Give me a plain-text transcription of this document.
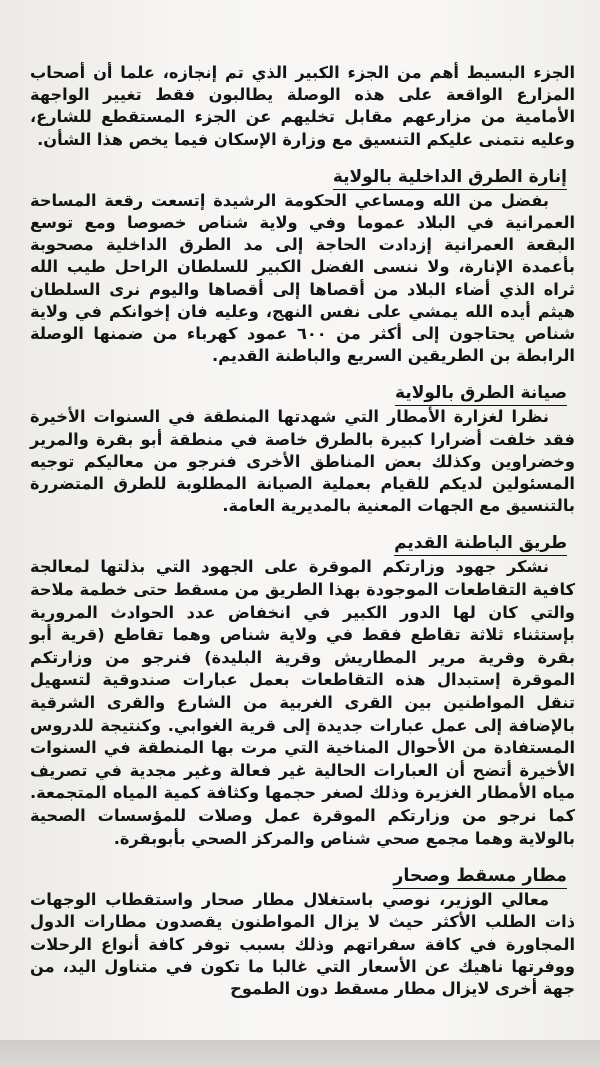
الجزء البسيط أهم من الجزء الكبير الذي تم إنجازه، علما أن أصحاب المزارع الواقعة على هذه الوصلة يطالبون فقط تغيير الواجهة الأمامية من مزارعهم مقابل تخليهم عن الجزء المستقطع للشارع، وعليه نتمنى عليكم التنسيق مع وزارة الإسكان فيما يخص هذا الشأن.

إنارة الطرق الداخلية بالولاية

بفضل من الله ومساعي الحكومة الرشيدة إتسعت رقعة المساحة العمرانية في البلاد عموما وفي ولاية شناص خصوصا ومع توسع البقعة العمرانية إزدادت الحاجة إلى مد الطرق الداخلية مصحوبة بأعمدة الإنارة، ولا ننسى الفضل الكبير للسلطان الراحل طيب الله ثراه الذي أضاء البلاد من أقصاها إلى أقصاها واليوم نرى السلطان هيثم أيده الله يمشي على نفس النهج، وعليه فان إخوانكم في ولاية شناص يحتاجون إلى أكثر من ٦٠٠ عمود كهرباء من ضمنها الوصلة الرابطة بن الطريقين السريع والباطنة القديم.

صيانة الطرق بالولاية

نظرا لغزارة الأمطار التي شهدتها المنطقة في السنوات الأخيرة فقد خلفت أضرارا كبيرة بالطرق خاصة في منطقة أبو بقرة والمرير وخضراوين وكذلك بعض المناطق الأخرى فنرجو من معاليكم توجيه المسئولين لديكم للقيام بعملية الصيانة المطلوبة للطرق المتضررة بالتنسيق مع الجهات المعنية بالمديرية العامة.

طريق الباطنة القديم

نشكر جهود وزارتكم الموقرة على الجهود التي بذلتها لمعالجة كافية التقاطعات الموجودة بهذا الطريق من مسقط حتى خطمة ملاحة والتي كان لها الدور الكبير في انخفاض عدد الحوادث المرورية بإستثناء ثلاثة تقاطع فقط في ولاية شناص وهما تقاطع (قرية أبو بقرة وقرية مرير المطاريش وقرية البليدة) فنرجو من وزارتكم الموقرة إستبدال هذه التقاطعات بعمل عبارات صندوقية لتسهيل تنقل المواطنين بين القرى الغربية من الشارع والقرى الشرقية بالإضافة إلى عمل عبارات جديدة إلى قرية الغوابي. وكنتيجة للدروس المستفادة من الأحوال المناخية التي مرت بها المنطقة في السنوات الأخيرة أتضح أن العبارات الحالية غير فعالة وغير مجدية في تصريف مياه الأمطار الغزيرة وذلك لصغر حجمها وكثافة كمية المياه المتجمعة. كما نرجو من وزارتكم الموقرة عمل وصلات للمؤسسات الصحية بالولاية وهما مجمع صحي شناص والمركز الصحي بأبوبقرة.

مطار مسقط وصحار

معالي الوزير، نوصي باستغلال مطار صحار واستقطاب الوجهات ذات الطلب الأكثر حيث لا يزال المواطنون يقصدون مطارات الدول المجاورة في كافة سفراتهم وذلك بسبب توفر كافة أنواع الرحلات ووفرتها ناهيك عن الأسعار التي غالبا ما تكون في متناول اليد، من جهة أخرى لايزال مطار مسقط دون الطموح
